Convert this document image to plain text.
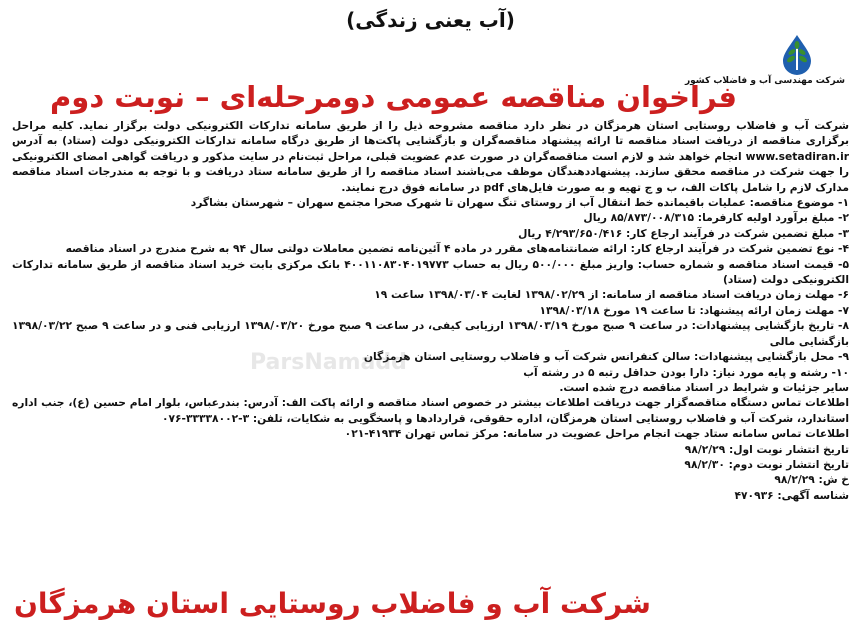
(آب یعنی زندگی)
شرکت مهندسی آب و فاضلاب کشور
فراخوان مناقصه عمومی دومرحله‌ای – نوبت دوم

شرکت آب و فاضلاب روستایی استان هرمزگان در نظر دارد مناقصه مشروحه ذیل را از طریق سامانه تدارکات الکترونیکی دولت برگزار نماید. کلیه مراحل برگزاری مناقصه از دریافت اسناد مناقصه تا ارائه پیشنهاد مناقصه‌گران و بازگشایی پاکت‌ها از طریق درگاه سامانه تدارکات الکترونیکی دولت (ستاد) به آدرس www.setadiran.ir انجام خواهد شد و لازم است مناقصه‌گران در صورت عدم عضویت قبلی، مراحل ثبت‌نام در سایت مذکور و دریافت گواهی امضای الکترونیکی را جهت شرکت در مناقصه محقق سازند. پیشنهاددهندگان موظف می‌باشند اسناد مناقصه را از طریق سامانه ستاد دریافت و با توجه به مندرجات اسناد مناقصه مدارک لازم را شامل پاکات الف، ب و ج تهیه و به صورت فایل‌های pdf در سامانه فوق درج نمایند.

۱- موضوع مناقصه: عملیات باقیمانده خط انتقال آب از روستای تنگ سهران تا شهرک صحرا مجتمع سهران – شهرستان بشاگرد
۲- مبلغ برآورد اولیه کارفرما: ۸۵/۸۷۳/۰۰۸/۳۱۵ ریال
۳- مبلغ تضمین شرکت در فرآیند ارجاع کار: ۴/۲۹۳/۶۵۰/۴۱۶ ریال
۴- نوع تضمین شرکت در فرآیند ارجاع کار: ارائه ضمانتنامه‌های مقرر در ماده ۴ آئین‌نامه تضمین معاملات دولتی سال ۹۴ به شرح مندرج در اسناد مناقصه
۵- قیمت اسناد مناقصه و شماره حساب: واریز مبلغ ۵۰۰/۰۰۰ ریال به حساب ۴۰۰۱۱۰۸۳۰۴۰۱۹۷۷۳ بانک مرکزی بابت خرید اسناد مناقصه از طریق سامانه تدارکات الکترونیکی دولت (ستاد)
۶- مهلت زمان دریافت اسناد مناقصه از سامانه: از ۱۳۹۸/۰۲/۲۹ لغایت ۱۳۹۸/۰۳/۰۴ ساعت ۱۹
۷- مهلت زمان ارائه پیشنهاد: تا ساعت ۱۹ مورخ ۱۳۹۸/۰۳/۱۸
۸- تاریخ بازگشایی پیشنهادات: در ساعت ۹ صبح مورخ ۱۳۹۸/۰۳/۱۹ ارزیابی کیفی، در ساعت ۹ صبح مورخ ۱۳۹۸/۰۳/۲۰ ارزیابی فنی و در ساعت ۹ صبح ۱۳۹۸/۰۳/۲۲ بازگشایی مالی
۹- محل بازگشایی پیشنهادات: سالن کنفرانس شرکت آب و فاضلاب روستایی استان هرمزگان
۱۰- رشته و پایه مورد نیاز: دارا بودن حداقل رتبه ۵ در رشته آب
سایر جزئیات و شرایط در اسناد مناقصه درج شده است.
اطلاعات تماس دستگاه مناقصه‌گزار جهت دریافت اطلاعات بیشتر در خصوص اسناد مناقصه و ارائه پاکت الف: آدرس: بندرعباس، بلوار امام حسین (ع)، جنب اداره استاندارد، شرکت آب و فاضلاب روستایی استان هرمزگان، اداره حقوقی، قراردادها و پاسخگویی به شکایات، تلفن: ۳-۳۳۳۳۸۰۰۲-۰۷۶
اطلاعات تماس سامانه ستاد جهت انجام مراحل عضویت در سامانه: مرکز تماس تهران ۴۱۹۳۴-۰۲۱
تاریخ انتشار نوبت اول: ۹۸/۲/۲۹
تاریخ انتشار نوبت دوم: ۹۸/۲/۳۰
خ ش: ۹۸/۲/۲۹
شناسه آگهی: ۴۷۰۹۳۶
شرکت آب و فاضلاب روستایی استان هرمزگان
ParsNamadd
